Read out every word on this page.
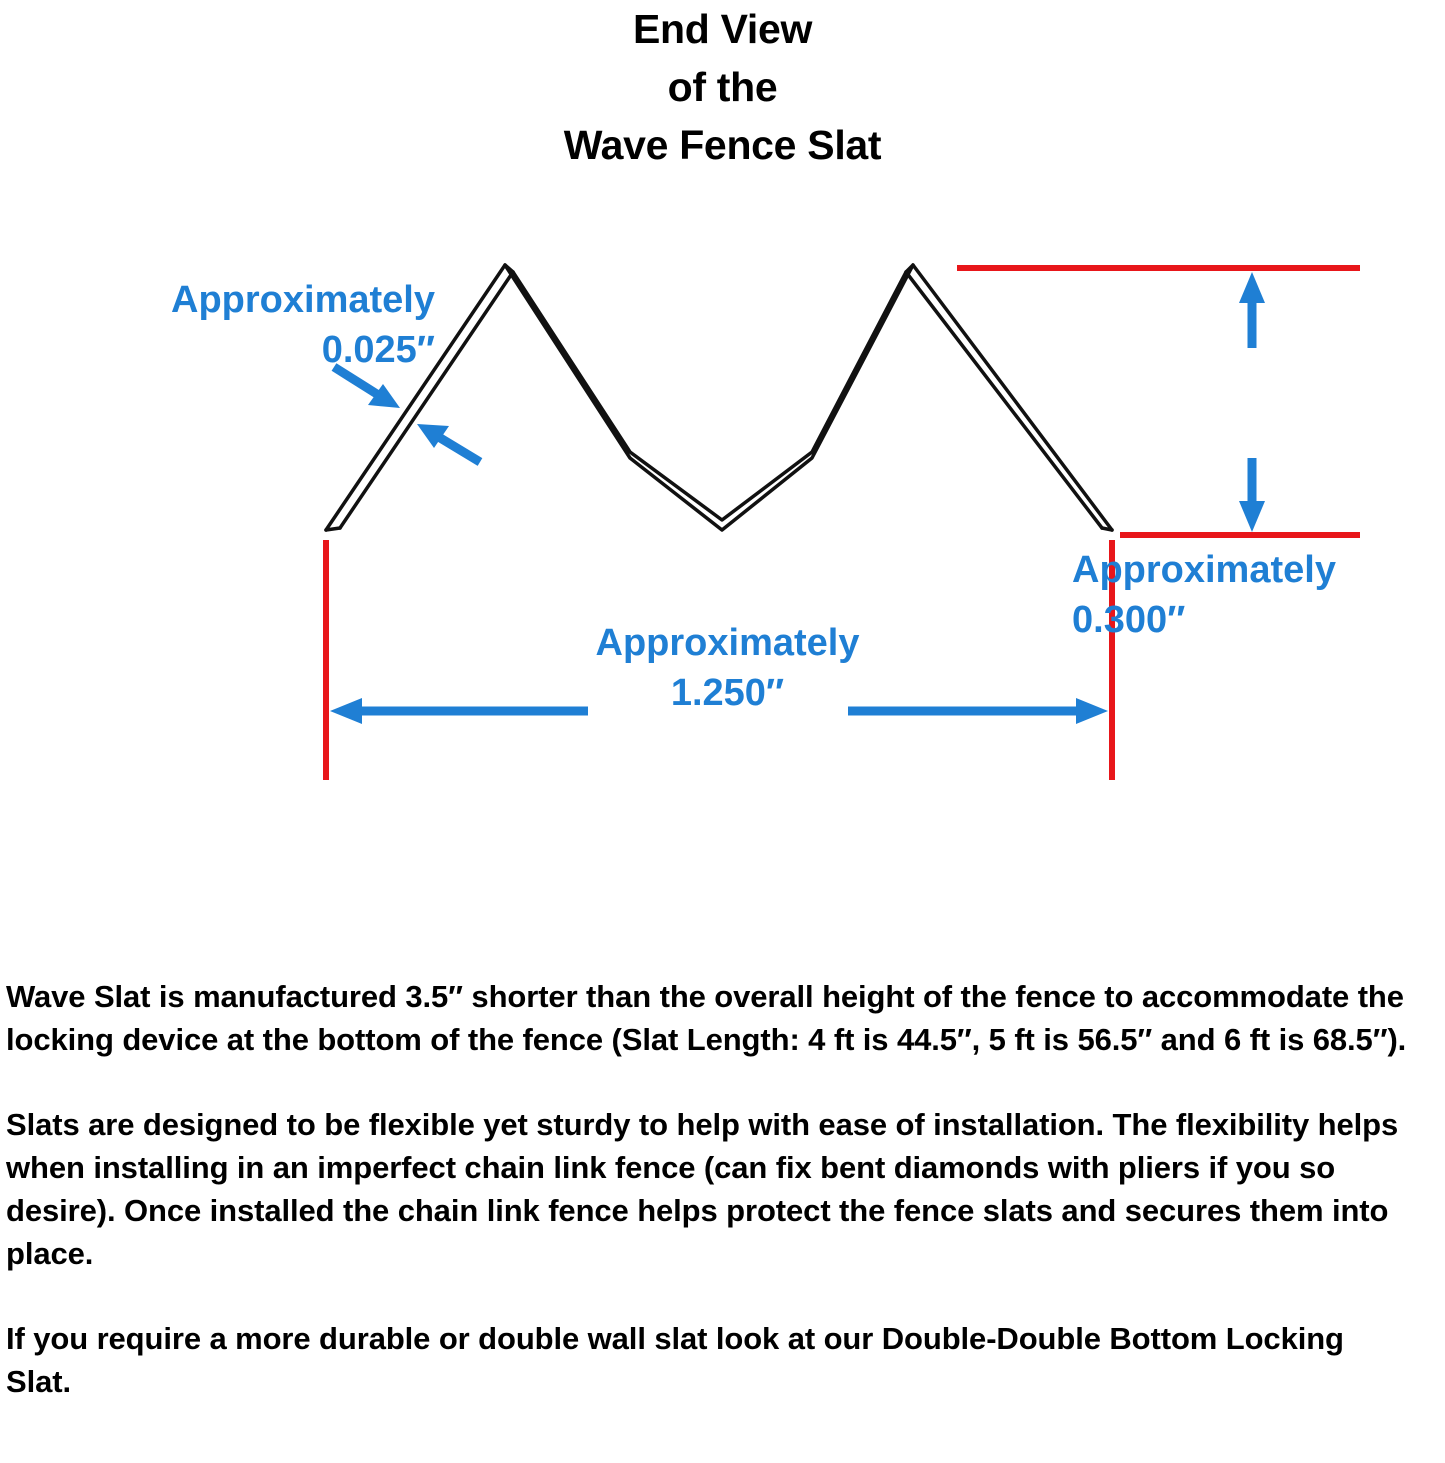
End View
of the
Wave Fence Slat
Approximately
0.025″
Approximately
0.300″
Approximately
1.250″

Wave Slat is manufactured 3.5″ shorter than the overall height of the fence to accommodate the locking device at the bottom of the fence (Slat Length: 4 ft is 44.5″, 5 ft is 56.5″ and 6 ft is 68.5″).

Slats are designed to be flexible yet sturdy to help with ease of installation. The flexibility helps when installing in an imperfect chain link fence (can fix bent diamonds with pliers if you so desire). Once installed the chain link fence helps protect the fence slats and secures them into place.

If you require a more durable or double wall slat look at our Double-Double Bottom Locking Slat.
